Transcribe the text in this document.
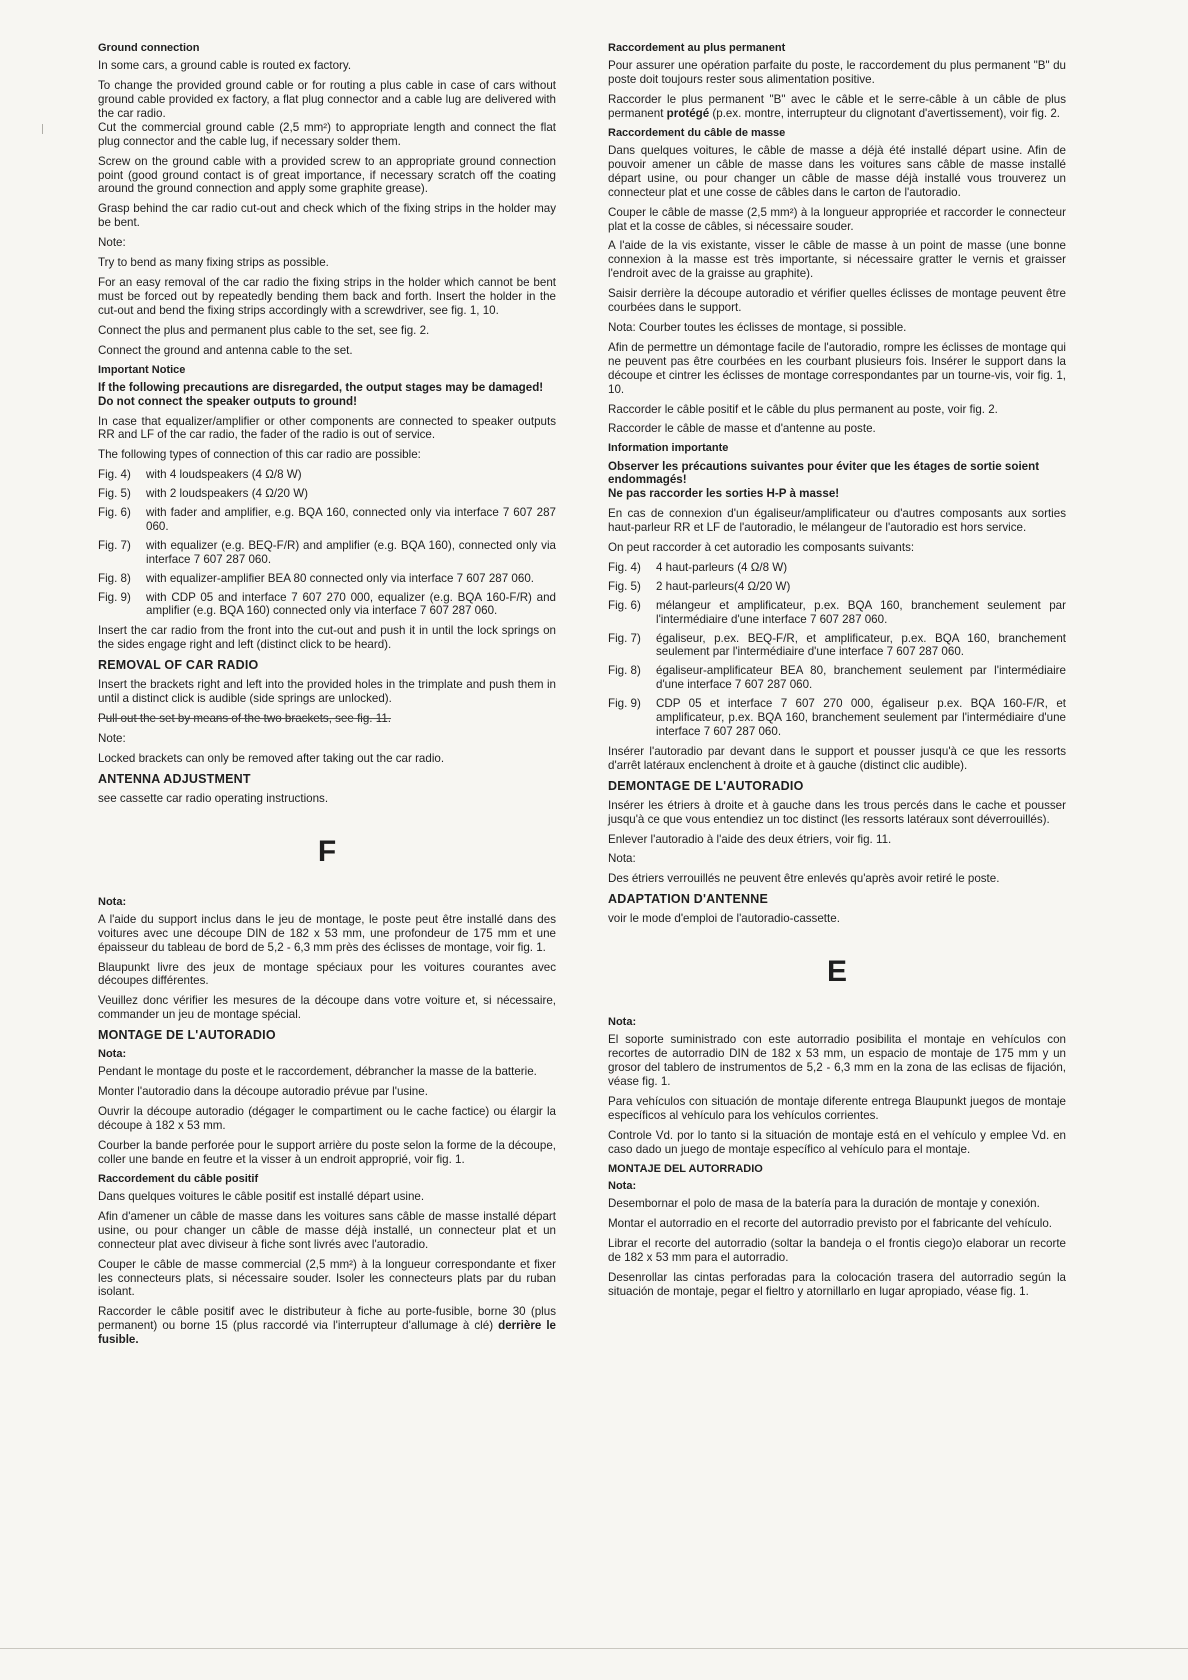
Ground connection

In some cars, a ground cable is routed ex factory.

To change the provided ground cable or for routing a plus cable in case of cars without ground cable provided ex factory, a flat plug connector and a cable lug are delivered with the car radio.

Cut the commercial ground cable (2,5 mm²) to appropriate length and connect the flat plug connector and the cable lug, if necessary solder them.

Screw on the ground cable with a provided screw to an appropriate ground connection point (good ground contact is of great importance, if necessary scratch off the coating around the ground connection and apply some graphite grease).

Grasp behind the car radio cut-out and check which of the fixing strips in the holder may be bent.

Note:

Try to bend as many fixing strips as possible.

For an easy removal of the car radio the fixing strips in the holder which cannot be bent must be forced out by repeatedly bending them back and forth. Insert the holder in the cut-out and bend the fixing strips accordingly with a screwdriver, see fig. 1, 10.

Connect the plus and permanent plus cable to the set, see fig. 2.

Connect the ground and antenna cable to the set.

Important Notice
If the following precautions are disregarded, the output stages may be damaged!
Do not connect the speaker outputs to ground!

In case that equalizer/amplifier or other components are connected to speaker outputs RR and LF of the car radio, the fader of the radio is out of service.

The following types of connection of this car radio are possible:

Fig. 4)	with 4 loudspeakers (4 Ω/8 W)
Fig. 5)	with 2 loudspeakers (4 Ω/20 W)
Fig. 6)	with fader and amplifier, e.g. BQA 160, connected only via interface 7 607 287 060.
Fig. 7)	with equalizer (e.g. BEQ-F/R) and amplifier (e.g. BQA 160), connected only via interface 7 607 287 060.
Fig. 8)	with equalizer-amplifier BEA 80 connected only via interface 7 607 287 060.
Fig. 9)	with CDP 05 and interface 7 607 270 000, equalizer (e.g. BQA 160-F/R) and amplifier (e.g. BQA 160) connected only via interface 7 607 287 060.

Insert the car radio from the front into the cut-out and push it in until the lock springs on the sides engage right and left (distinct click to be heard).

REMOVAL OF CAR RADIO

Insert the brackets right and left into the provided holes in the trimplate and push them in until a distinct click is audible (side springs are unlocked).

Pull out the set by means of the two brackets, see fig. 11.

Note:

Locked brackets can only be removed after taking out the car radio.

ANTENNA ADJUSTMENT

see cassette car radio operating instructions.

F
Nota:

A l'aide du support inclus dans le jeu de montage, le poste peut être installé dans des voitures avec une découpe DIN de 182 x 53 mm, une profondeur de 175 mm et une épaisseur du tableau de bord de 5,2 - 6,3 mm près des éclisses de montage, voir fig. 1.

Blaupunkt livre des jeux de montage spéciaux pour les voitures courantes avec découpes différentes.

Veuillez donc vérifier les mesures de la découpe dans votre voiture et, si nécessaire, commander un jeu de montage spécial.

MONTAGE DE L'AUTORADIO
Nota:

Pendant le montage du poste et le raccordement, débrancher la masse de la batterie.

Monter l'autoradio dans la découpe autoradio prévue par l'usine.

Ouvrir la découpe autoradio (dégager le compartiment ou le cache factice) ou élargir la découpe à 182 x 53 mm.

Courber la bande perforée pour le support arrière du poste selon la forme de la découpe, coller une bande en feutre et la visser à un endroit approprié, voir fig. 1.

Raccordement du câble positif

Dans quelques voitures le câble positif est installé départ usine.

Afin d'amener un câble de masse dans les voitures sans câble de masse installé départ usine, ou pour changer un câble de masse déjà installé, un connecteur plat et un connecteur plat avec diviseur à fiche sont livrés avec l'autoradio.

Couper le câble de masse commercial (2,5 mm²) à la longueur correspondante et fixer les connecteurs plats, si nécessaire souder. Isoler les connecteurs plats par du ruban isolant.

Raccorder le câble positif avec le distributeur à fiche au porte-fusible, borne 30 (plus permanent) ou borne 15 (plus raccordé via l'interrupteur d'allumage à clé) derrière le fusible.

Raccordement au plus permanent

Pour assurer une opération parfaite du poste, le raccordement du plus permanent "B" du poste doit toujours rester sous alimentation positive.

Raccorder le plus permanent "B" avec le câble et le serre-câble à un câble de plus permanent protégé (p.ex. montre, interrupteur du clignotant d'avertissement), voir fig. 2.

Raccordement du câble de masse

Dans quelques voitures, le câble de masse a déjà été installé départ usine. Afin de pouvoir amener un câble de masse dans les voitures sans câble de masse installé départ usine, ou pour changer un câble de masse déjà installé vous trouverez un connecteur plat et une cosse de câbles dans le carton de l'autoradio.

Couper le câble de masse (2,5 mm²) à la longueur appropriée et raccorder le connecteur plat et la cosse de câbles, si nécessaire souder.

A l'aide de la vis existante, visser le câble de masse à un point de masse (une bonne connexion à la masse est très importante, si nécessaire gratter le vernis et graisser l'endroit avec de la graisse au graphite).

Saisir derrière la découpe autoradio et vérifier quelles éclisses de montage peuvent être courbées dans le support.

Nota: Courber toutes les éclisses de montage, si possible.

Afin de permettre un démontage facile de l'autoradio, rompre les éclisses de montage qui ne peuvent pas être courbées en les courbant plusieurs fois. Insérer le support dans la découpe et cintrer les éclisses de montage correspondantes par un tourne-vis, voir fig. 1, 10.

Raccorder le câble positif et le câble du plus permanent au poste, voir fig. 2.

Raccorder le câble de masse et d'antenne au poste.

Information importante
Observer les précautions suivantes pour éviter que les étages de sortie soient endommagés!
Ne pas raccorder les sorties H-P à masse!

En cas de connexion d'un égaliseur/amplificateur ou d'autres composants aux sorties haut-parleur RR et LF de l'autoradio, le mélangeur de l'autoradio est hors service.

On peut raccorder à cet autoradio les composants suivants:

Fig. 4)	4 haut-parleurs (4 Ω/8 W)
Fig. 5)	2 haut-parleurs(4 Ω/20 W)
Fig. 6)	mélangeur et amplificateur, p.ex. BQA 160, branchement seulement par l'intermédiaire d'une interface 7 607 287 060.
Fig. 7)	égaliseur, p.ex. BEQ-F/R, et amplificateur, p.ex. BQA 160, branchement seulement par l'intermédiaire d'une interface 7 607 287 060.
Fig. 8)	égaliseur-amplificateur BEA 80, branchement seulement par l'intermédiaire d'une interface 7 607 287 060.
Fig. 9)	CDP 05 et interface 7 607 270 000, égaliseur p.ex. BQA 160-F/R, et amplificateur, p.ex. BQA 160, branchement seulement par l'intermédiaire d'une interface 7 607 287 060.

Insérer l'autoradio par devant dans le support et pousser jusqu'à ce que les ressorts d'arrêt latéraux enclenchent à droite et à gauche (distinct clic audible).

DEMONTAGE DE L'AUTORADIO

Insérer les étriers à droite et à gauche dans les trous percés dans le cache et pousser jusqu'à ce que vous entendiez un toc distinct (les ressorts latéraux sont déverrouillés).

Enlever l'autoradio à l'aide des deux étriers, voir fig. 11.

Nota:

Des étriers verrouillés ne peuvent être enlevés qu'après avoir retiré le poste.

ADAPTATION D'ANTENNE

voir le mode d'emploi de l'autoradio-cassette.

E
Nota:

El soporte suministrado con este autorradio posibilita el montaje en vehículos con recortes de autorradio DIN de 182 x 53 mm, un espacio de montaje de 175 mm y un grosor del tablero de instrumentos de 5,2 - 6,3 mm en la zona de las eclisas de fijación, véase fig. 1.

Para vehículos con situación de montaje diferente entrega Blaupunkt juegos de montaje específicos al vehículo para los vehículos corrientes.

Controle Vd. por lo tanto si la situación de montaje está en el vehículo y emplee Vd. en caso dado un juego de montaje específico al vehículo para el montaje.

MONTAJE DEL AUTORRADIO
Nota:

Desembornar el polo de masa de la batería para la duración de montaje y conexión.

Montar el autorradio en el recorte del autorradio previsto por el fabricante del vehículo.

Librar el recorte del autorradio (soltar la bandeja o el frontis ciego)o elaborar un recorte de 182 x 53 mm para el autorradio.

Desenrollar las cintas perforadas para la colocación trasera del autorradio según la situación de montaje, pegar el fieltro y atornillarlo en lugar apropiado, véase fig. 1.
